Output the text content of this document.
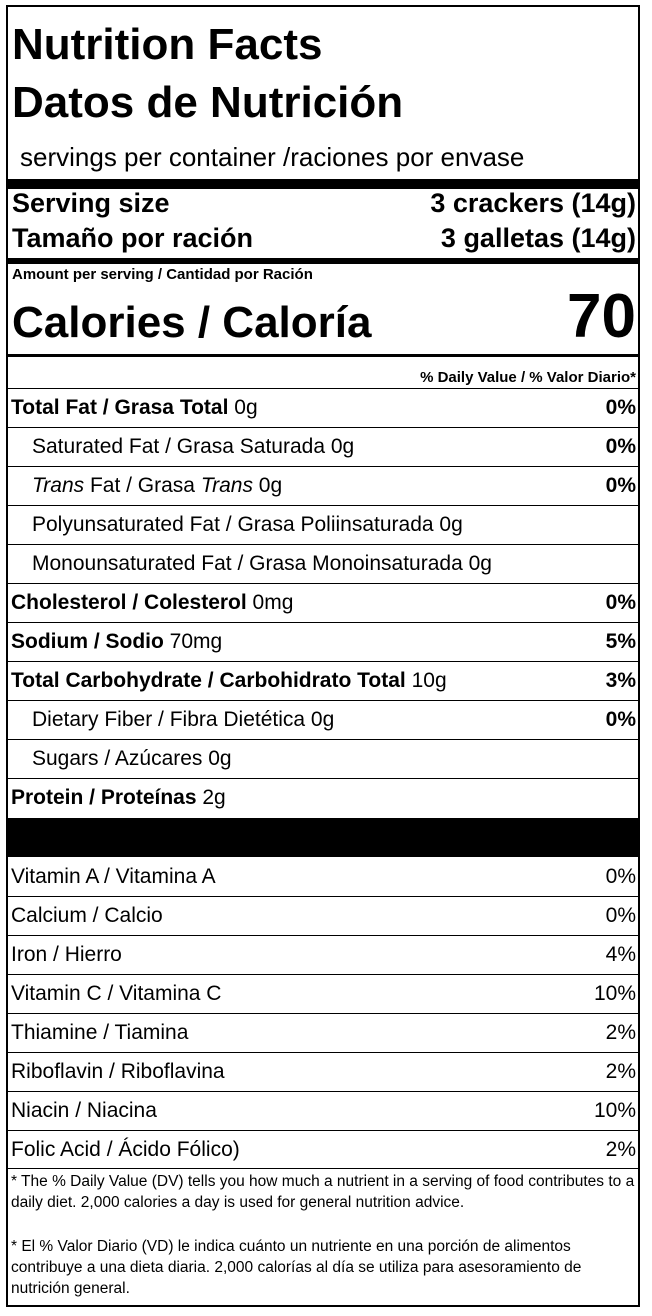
Nutrition Facts
Datos de Nutrición
servings per container /raciones por envase
Serving size	3 crackers (14g)
Tamaño por ración	3 galletas (14g)
Amount per serving / Cantidad por Ración
Calories / Caloría	70
% Daily Value / % Valor Diario*
Total Fat / Grasa Total 0g	0%
Saturated Fat / Grasa Saturada 0g	0%
Trans Fat / Grasa Trans 0g	0%
Polyunsaturated Fat / Grasa Poliinsaturada 0g
Monounsaturated Fat / Grasa Monoinsaturada 0g
Cholesterol / Colesterol 0mg	0%
Sodium / Sodio 70mg	5%
Total Carbohydrate / Carbohidrato Total 10g	3%
Dietary Fiber / Fibra Dietética 0g	0%
Sugars / Azúcares 0g
Protein / Proteínas 2g
Vitamin A / Vitamina A	0%
Calcium / Calcio	0%
Iron / Hierro	4%
Vitamin C / Vitamina C	10%
Thiamine / Tiamina	2%
Riboflavin / Riboflavina	2%
Niacin / Niacina	10%
Folic Acid / Ácido Fólico)	2%
* The % Daily Value (DV) tells you how much a nutrient in a serving of food contributes to a daily diet. 2,000 calories a day is used for general nutrition advice.
* El % Valor Diario (VD) le indica cuánto un nutriente en una porción de alimentos contribuye a una dieta diaria. 2,000 calorías al día se utiliza para asesoramiento de nutrición general.
